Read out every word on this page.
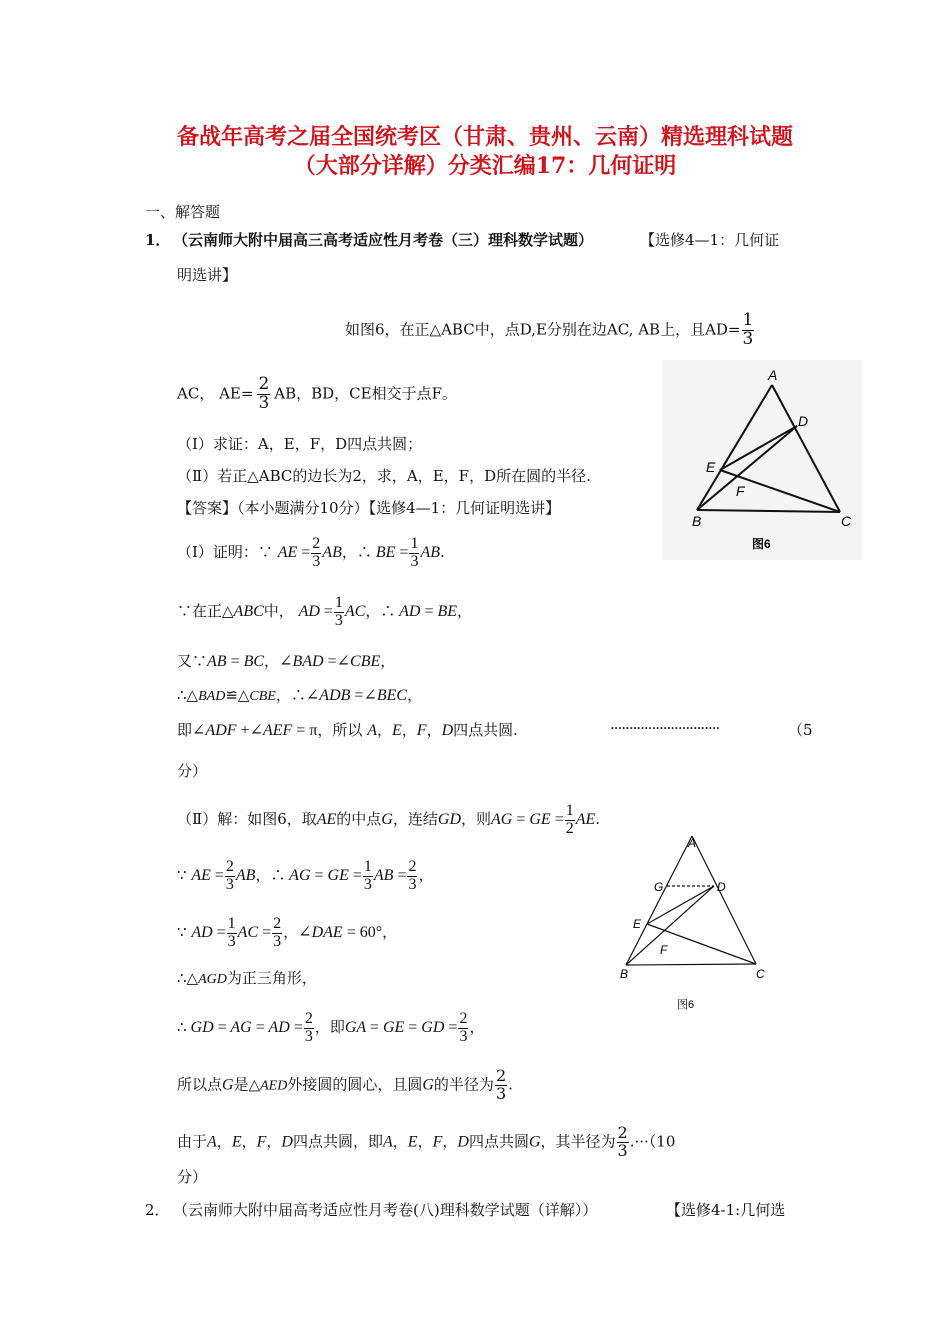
备战年高考之届全国统考区（甘肃、贵州、云南）精选理科试题
（大部分详解）分类汇编17：几何证明
一、解答题
1． （云南师大附中届高三高考适应性月考卷（三）理科数学试题）	【选修4—1：几何证
明选讲】
如图6，在正△ABC中，点D,E分别在边AC, AB上，且$AD= \frac{1}{3}$
AC， $AE= \frac{2}{3}$ AB，BD，CE相交于点F。
（Ⅰ）求证：A，E，F，D四点共圆；
（Ⅱ）若正△ABC的边长为2，求，A，E，F，D所在圆的半径.
【答案】（本小题满分10分）【选修4—1：几何证明选讲】
A
D
E
F
B	C
图6
（Ⅰ）证明：∵ AE = $\frac{2}{3}$ AB，∴ BE = $\frac{1}{3}$ AB.
∵在正△ABC中， AD = $\frac{1}{3}$ AC，∴ AD = BE，
又∵AB = BC，∠BAD =∠CBE，
∴△BAD≌△CBE，∴∠ADB =∠BEC，
即∠ADF +∠AEF = π，所以 A，E，F，D四点共圆.	·····························	（5
分）
（Ⅱ）解：如图6，取AE的中点G，连结GD，则AG = GE = $\frac{1}{2}$ AE.
∵ AE = $\frac{2}{3}$ AB，∴ AG = GE = $\frac{1}{3}$ AB = $\frac{2}{3}$ ，
∵ AD = $\frac{1}{3}$ AC = $\frac{2}{3}$ ，∠DAE = 60°，
∴△AGD为正三角形，
∴ GD = AG = AD = $\frac{2}{3}$ ，即GA = GE = GD = $\frac{2}{3}$ ，
所以点G是△AED外接圆的圆心，且圆G的半径为 $\frac{2}{3}$ .
由于A，E，F，D四点共圆，即A，E，F，D四点共圆G，其半径为 $\frac{2}{3} .\cdot\cdot\cdot(10$
分）
A
G	D
E
F
B	C
图6
2． （云南师大附中届高考适应性月考卷(八)理科数学试题（详解））	【选修4-1:几何选
